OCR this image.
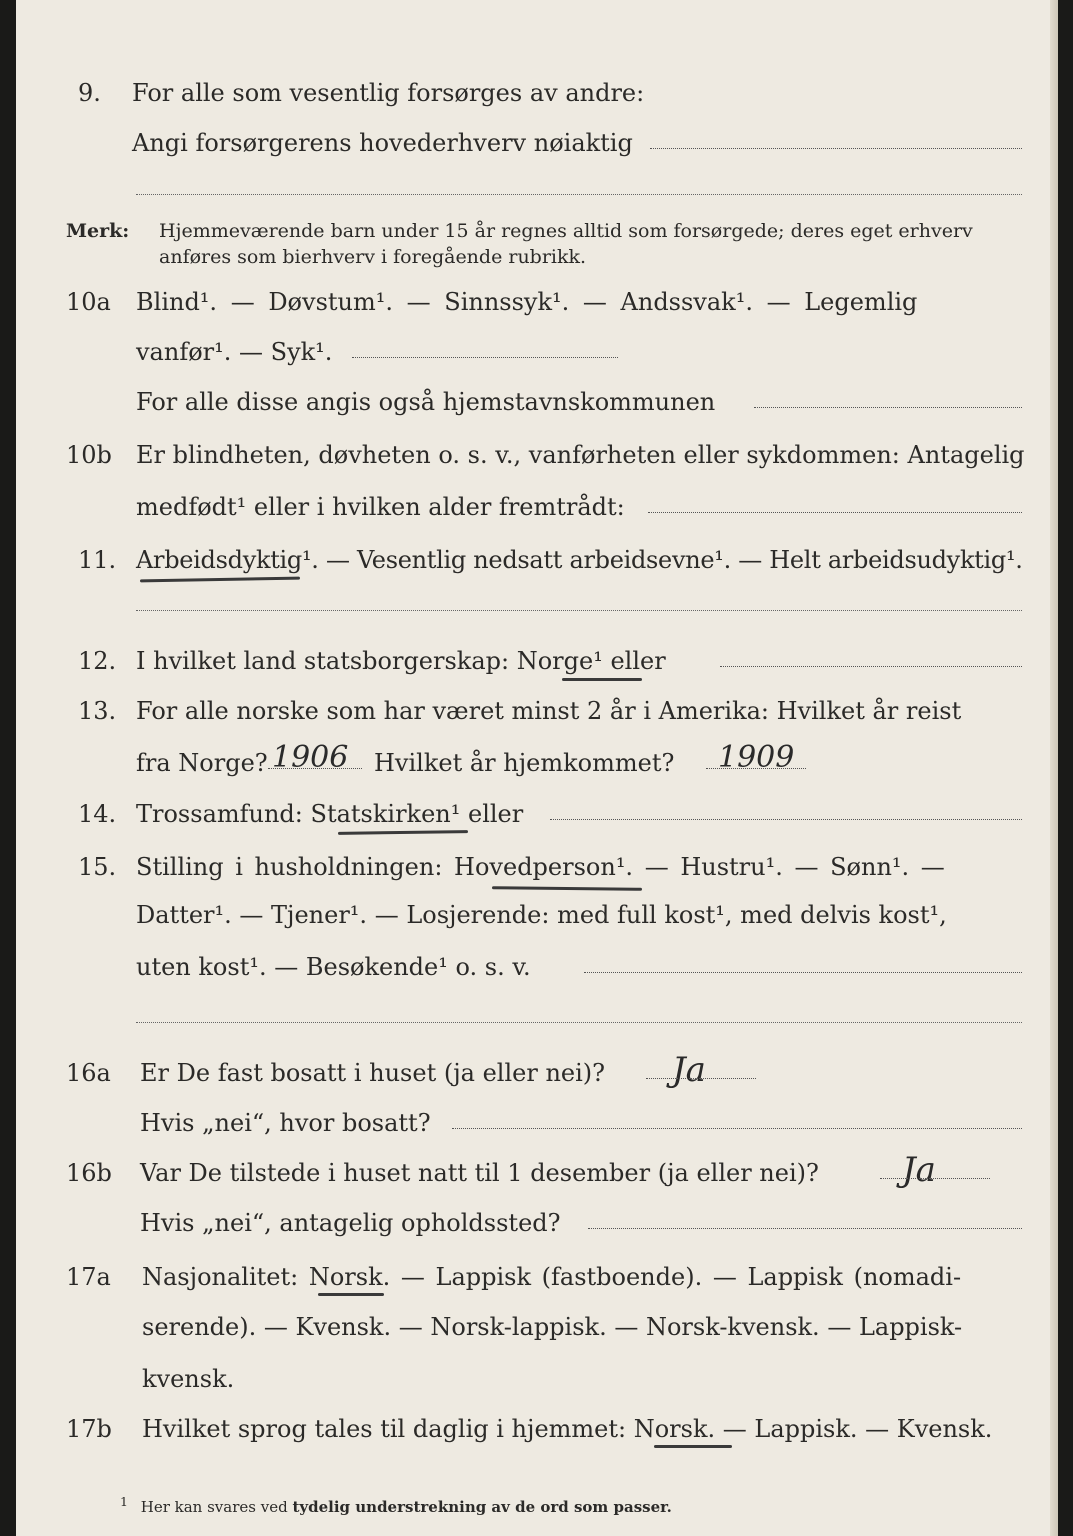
9. For alle som vesentlig forsørges av andre:
Angi forsørgerens hovederhverv nøiaktig
Merk: Hjemmeværende barn under 15 år regnes alltid som forsørgede; deres eget erhverv
anføres som bierhverv i foregående rubrikk.
10a Blind¹. — Døvstum¹. — Sinnssyk¹. — Andssvak¹. — Legemlig
vanfør¹. — Syk¹.
For alle disse angis også hjemstavnskommunen
10b Er blindheten, døvheten o. s. v., vanførheten eller sykdommen: Antagelig
medfødt¹ eller i hvilken alder fremtrådt:
11. Arbeidsdyktig¹. — Vesentlig nedsatt arbeidsevne¹. — Helt arbeidsudyktig¹.
12. I hvilket land statsborgerskap: Norge¹ eller
13. For alle norske som har været minst 2 år i Amerika: Hvilket år reist
fra Norge? 1906 Hvilket år hjemkommet? 1909
14. Trossamfund: Statskirken¹ eller
15. Stilling i husholdningen: Hovedperson¹. — Hustru¹. — Sønn¹. —
Datter¹. — Tjener¹. — Losjerende: med full kost¹, med delvis kost¹,
uten kost¹. — Besøkende¹ o. s. v.
16a Er De fast bosatt i huset (ja eller nei)? Ja
Hvis „nei“, hvor bosatt?
16b Var De tilstede i huset natt til 1 desember (ja eller nei)? Ja
Hvis „nei“, antagelig opholdssted?
17a Nasjonalitet: Norsk. — Lappisk (fastboende). — Lappisk (nomadi-
serende). — Kvensk. — Norsk-lappisk. — Norsk-kvensk. — Lappisk-
kvensk.
17b Hvilket sprog tales til daglig i hjemmet: Norsk. — Lappisk. — Kvensk.
$^1$ Her kan svares ved tydelig understrekning av de ord som passer.
